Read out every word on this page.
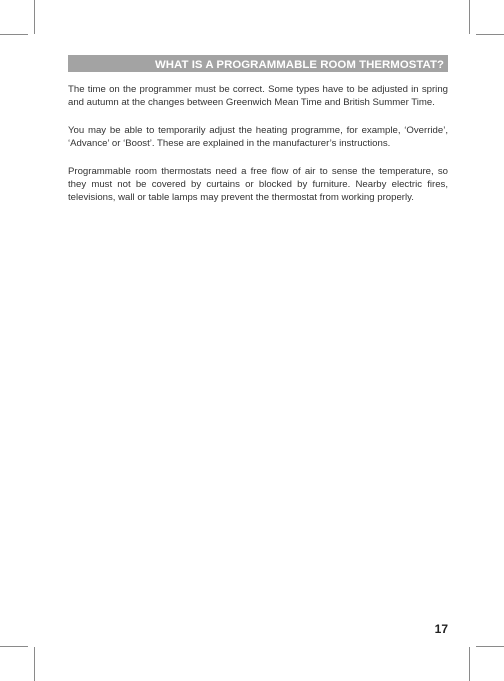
WHAT IS A PROGRAMMABLE ROOM THERMOSTAT?

The time on the programmer must be correct. Some types have to be adjusted in spring and autumn at the changes between Greenwich Mean Time and British Summer Time.

You may be able to temporarily adjust the heating programme, for example, ‘Override’, ‘Advance’ or ‘Boost’. These are explained in the manufacturer’s instructions.

Programmable room thermostats need a free flow of air to sense the temperature, so they must not be covered by curtains or blocked by furniture. Nearby electric fires, televisions, wall or table lamps may prevent the thermostat from working properly.

17
